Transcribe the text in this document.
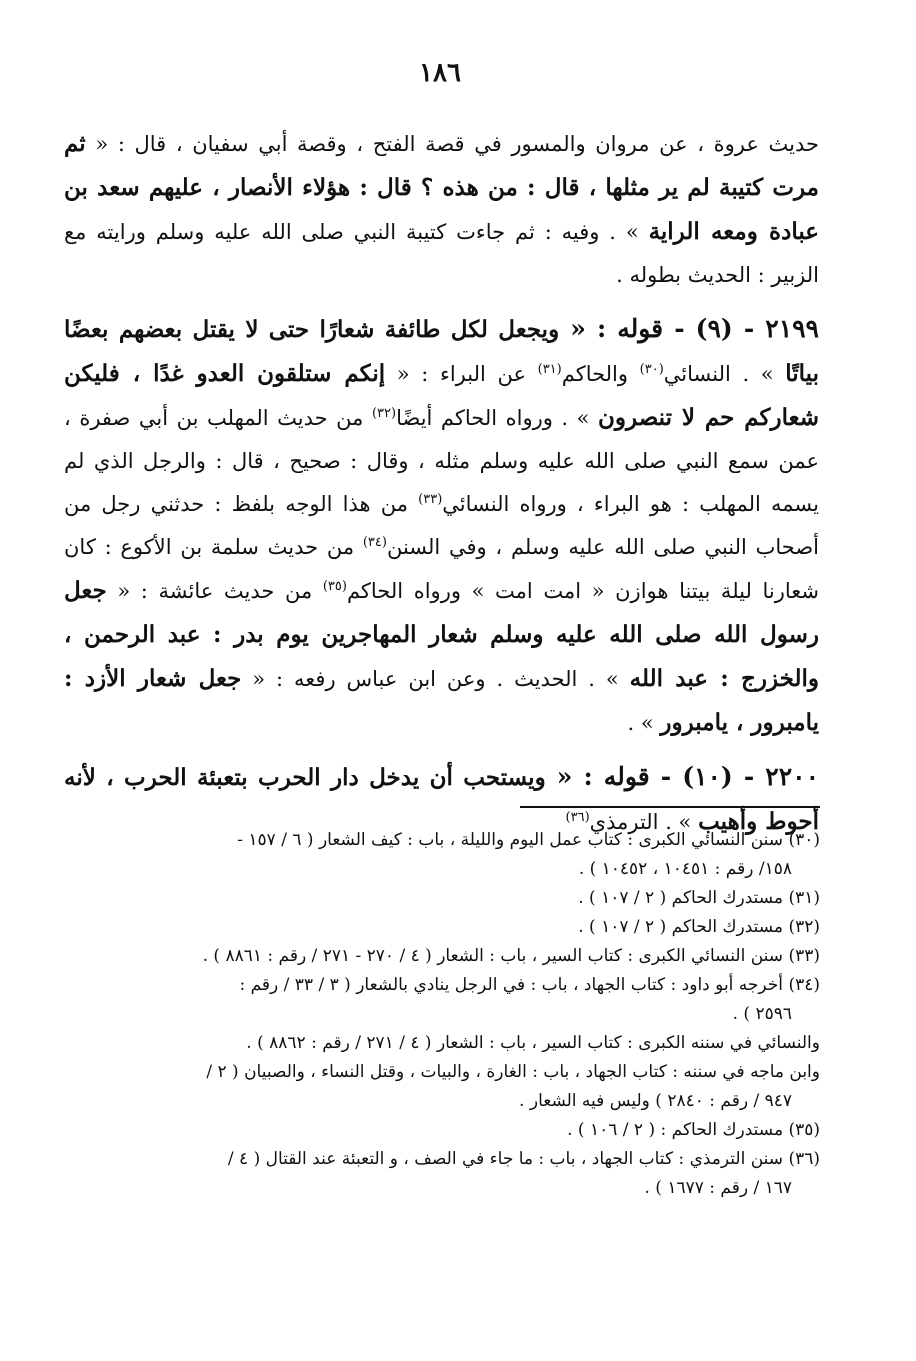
١٨٦

حديث عروة ، عن مروان والمسور في قصة الفتح ، وقصة أبي سفيان ، قال : « ثم مرت كتيبة لم ير مثلها ، قال : من هذه ؟ قال : هؤلاء الأنصار ، عليهم سعد بن عبادة ومعه الراية » . وفيه : ثم جاءت كتيبة النبي صلى الله عليه وسلم ورايته مع الزبير : الحديث بطوله .

٢١٩٩ - (٩) - قوله : « ويجعل لكل طائفة شعارًا حتى لا يقتل بعضهم بعضًا بياتًا » . النسائي$^{(٣٠)}$ والحاكم$^{(٣١)}$ عن البراء : « إنكم ستلقون العدو غدًا ، فليكن شعاركم حم لا تنصرون » . ورواه الحاكم أيضًا$^{(٣٢)}$ من حديث المهلب بن أبي صفرة ، عمن سمع النبي صلى الله عليه وسلم مثله ، وقال : صحيح ، قال : والرجل الذي لم يسمه المهلب : هو البراء ، ورواه النسائي$^{(٣٣)}$ من هذا الوجه بلفظ : حدثني رجل من أصحاب النبي صلى الله عليه وسلم ، وفي السنن$^{(٣٤)}$ من حديث سلمة بن الأكوع : كان شعارنا ليلة بيتنا هوازن « امت امت » ورواه الحاكم$^{(٣٥)}$ من حديث عائشة : « جعل رسول الله صلى الله عليه وسلم شعار المهاجرين يوم بدر : عبد الرحمن ، والخزرج : عبد الله » . الحديث . وعن ابن عباس رفعه : « جعل شعار الأزد : يامبرور ، يامبرور » .

٢٢٠٠ - (١٠) - قوله : « ويستحب أن يدخل دار الحرب بتعبئة الحرب ، لأنه أحوط وأهيب » . الترمذي$^{(٣٦)}$

(٣٠) سنن النسائي الكبرى : كتاب عمل اليوم والليلة ، باب : كيف الشعار ( ٦ / ١٥٧ -
١٥٨/ رقم : ١٠٤٥١ ، ١٠٤٥٢ ) .

(٣١) مستدرك الحاكم ( ٢ / ١٠٧ ) .

(٣٢) مستدرك الحاكم ( ٢ / ١٠٧ ) .

(٣٣) سنن النسائي الكبرى : كتاب السير ، باب : الشعار ( ٤ / ٢٧٠ - ٢٧١ / رقم : ٨٨٦١ ) .

(٣٤) أخرجه أبو داود : كتاب الجهاد ، باب : في الرجل ينادي بالشعار ( ٣ / ٣٣ / رقم :
٢٥٩٦ ) .

والنسائي في سننه الكبرى : كتاب السير ، باب : الشعار ( ٤ / ٢٧١ / رقم : ٨٨٦٢ ) .

وابن ماجه في سننه : كتاب الجهاد ، باب : الغارة ، والبيات ، وقتل النساء ، والصبيان ( ٢ /

٩٤٧ / رقم : ٢٨٤٠ ) وليس فيه الشعار .

(٣٥) مستدرك الحاكم : ( ٢ / ١٠٦ ) .

(٣٦) سنن الترمذي : كتاب الجهاد ، باب : ما جاء في الصف ، و التعبئة عند القتال ( ٤ /
١٦٧ / رقم : ١٦٧٧ ) .
